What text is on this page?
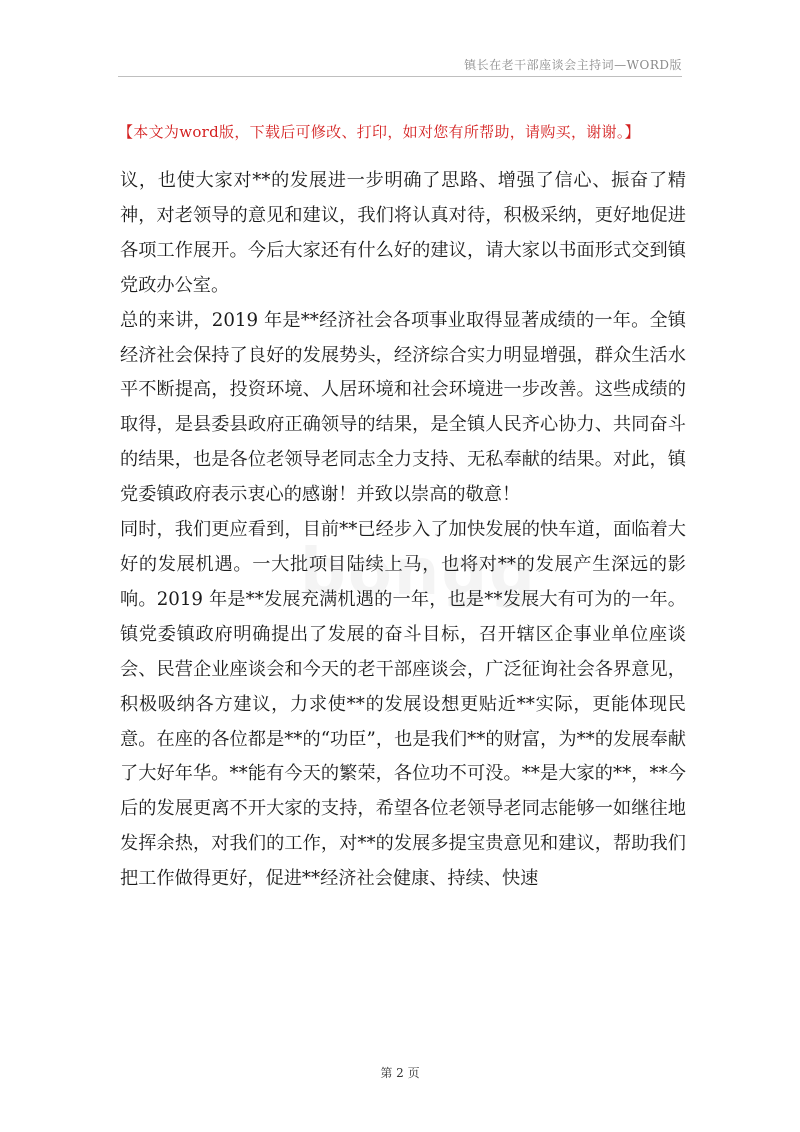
镇长在老干部座谈会主持词—WORD版
【本文为word版，下载后可修改、打印，如对您有所帮助，请购买，谢谢。】

议，也使大家对**的发展进一步明确了思路、增强了信心、振奋了精神，对老领导的意见和建议，我们将认真对待，积极采纳，更好地促进各项工作展开。今后大家还有什么好的建议，请大家以书面形式交到镇党政办公室。

总的来讲，2019 年是**经济社会各项事业取得显著成绩的一年。全镇经济社会保持了良好的发展势头，经济综合实力明显增强，群众生活水平不断提高，投资环境、人居环境和社会环境进一步改善。这些成绩的取得，是县委县政府正确领导的结果，是全镇人民齐心协力、共同奋斗的结果，也是各位老领导老同志全力支持、无私奉献的结果。对此，镇党委镇政府表示衷心的感谢！并致以崇高的敬意！

同时，我们更应看到，目前**已经步入了加快发展的快车道，面临着大好的发展机遇。一大批项目陆续上马，也将对**的发展产生深远的影响。2019 年是**发展充满机遇的一年，也是**发展大有可为的一年。镇党委镇政府明确提出了发展的奋斗目标，召开辖区企事业单位座谈会、民营企业座谈会和今天的老干部座谈会，广泛征询社会各界意见，积极吸纳各方建议，力求使**的发展设想更贴近**实际，更能体现民意。在座的各位都是**的“功臣”，也是我们**的财富，为**的发展奉献了大好年华。**能有今天的繁荣，各位功不可没。**是大家的**，**今后的发展更离不开大家的支持，希望各位老领导老同志能够一如继往地发挥余热，对我们的工作，对**的发展多提宝贵意见和建议，帮助我们把工作做得更好，促进**经济社会健康、持续、快速

第 2 页
